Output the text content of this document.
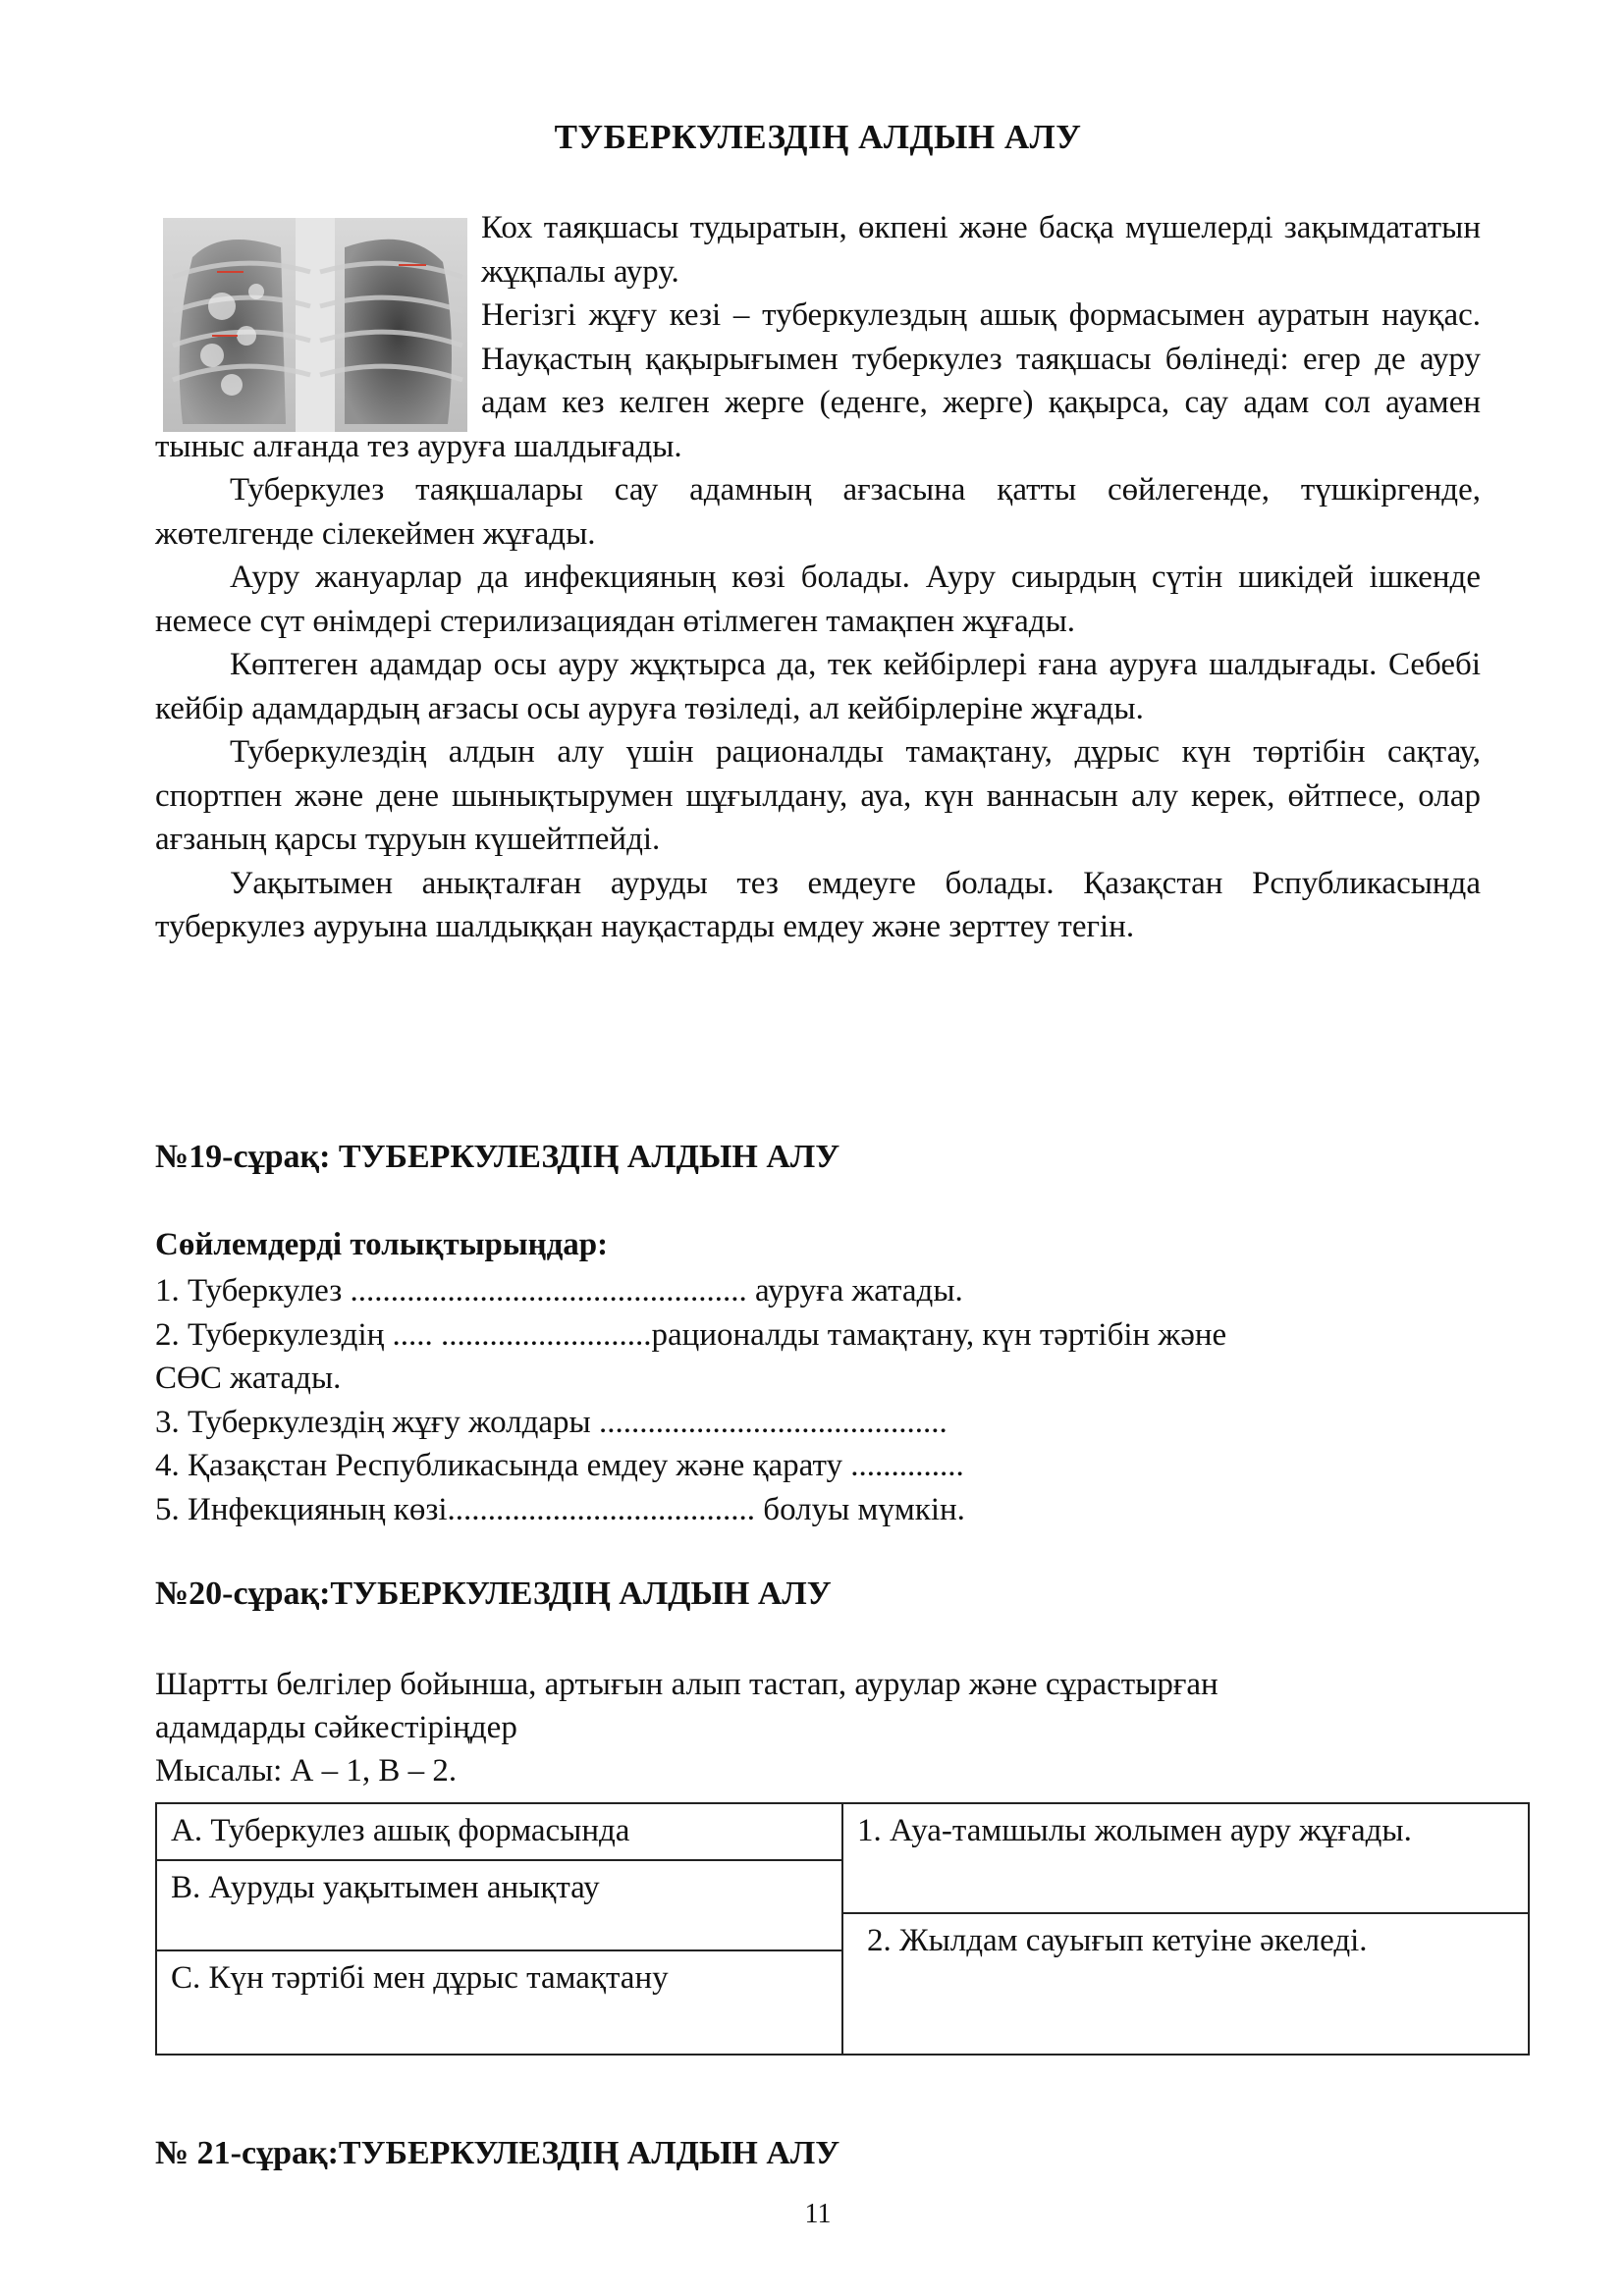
ТУБЕРКУЛЕЗДІҢ АЛДЫН АЛУ

Кох таяқшасы тудыратын, өкпені және басқа мүшелерді зақымдататын жұқпалы ауру.

Негізгі жұғу кезі – туберкулездың ашық формасымен ауратын науқас. Науқастың қақырығымен туберкулез таяқшасы бөлінеді: егер де ауру адам кез келген жерге (еденге, жерге) қақырса, сау адам сол ауамен тыныс алғанда тез ауруға шалдығады.

Туберкулез таяқшалары сау адамның ағзасына қатты сөйлегенде, түшкіргенде, жөтелгенде сілекеймен жұғады.

Ауру жануарлар да инфекцияның көзі болады. Ауру сиырдың сүтін шикідей ішкенде немесе сүт өнімдері стерилизациядан өтілмеген тамақпен жұғады.

Көптеген адамдар осы ауру жұқтырса да, тек кейбірлері ғана ауруға шалдығады. Себебі кейбір адамдардың ағзасы осы ауруға төзіледі, ал кейбірлеріне жұғады.

Туберкулездің алдын алу үшін рационалды тамақтану, дұрыс күн төртібін сақтау, спортпен және дене шынықтырумен шұғылдану, ауа, күн ваннасын алу керек, өйтпесе, олар ағзаның қарсы тұруын күшейтпейді.

Уақытымен анықталған ауруды тез емдеуге болады. Қазақстан Рспубликасында туберкулез ауруына шалдыққан науқастарды емдеу және зерттеу тегін.

№19-сұрақ: ТУБЕРКУЛЕЗДІҢ АЛДЫН АЛУ
Сөйлемдерді толықтырыңдар:
1. Туберкулез ................................................. ауруға жатады.
2. Туберкулездің ..... ..........................рационалды тамақтану, күн тәртібін және
СӨС жатады.
3. Туберкулездің жұғу жолдары ...........................................
4. Қазақстан Республикасында емдеу және қарату ..............
5. Инфекцияның көзі...................................... болуы мүмкін.
№20-сұрақ:ТУБЕРКУЛЕЗДІҢ АЛДЫН АЛУ
Шартты белгілер бойынша, артығын алып тастап, аурулар және сұрастырған
адамдарды сәйкестіріңдер
Мысалы: А – 1, В – 2.
А. Туберкулез ашық формасында
В. Ауруды уақытымен анықтау
С. Күн тәртібі мен дұрыс тамақтану
1. Ауа-тамшылы жолымен ауру жұғады.
2. Жылдам сауығып кетуіне әкеледі.
№ 21-сұрақ:ТУБЕРКУЛЕЗДІҢ АЛДЫН АЛУ
11
